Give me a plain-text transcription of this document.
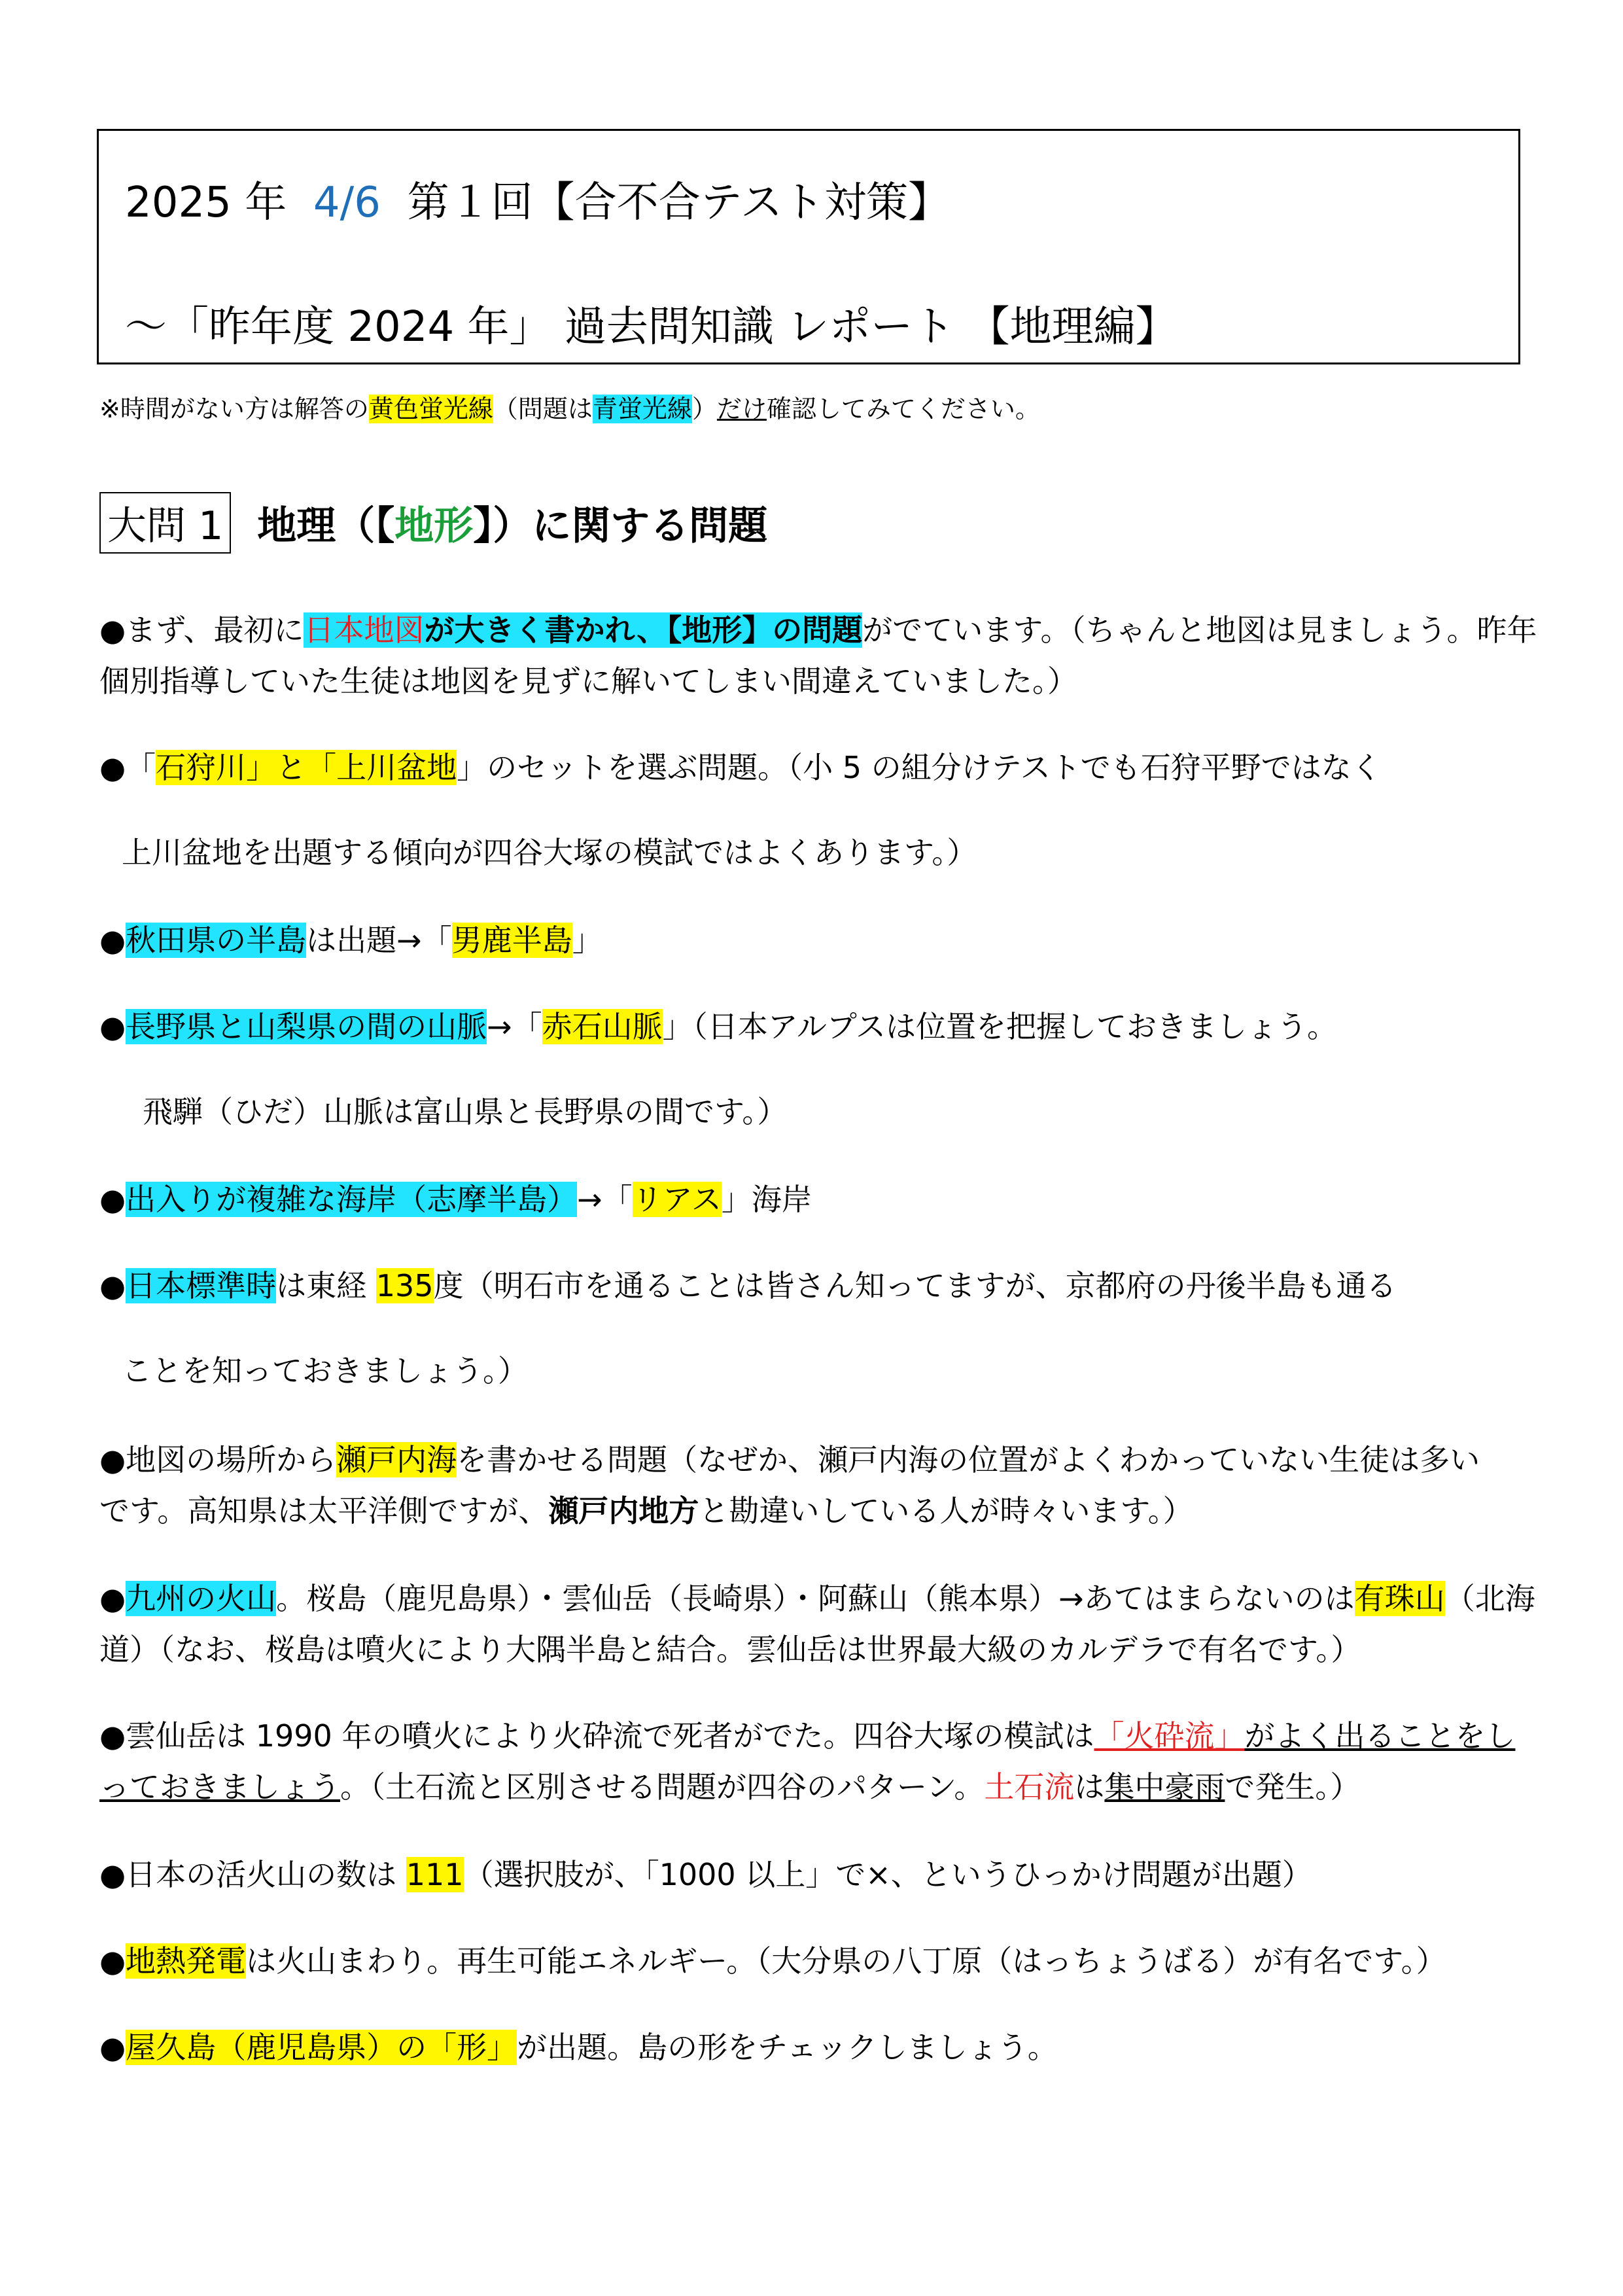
2025 年 4/6 第１回【合不合テスト対策】
～「昨年度 2024 年」 過去問知識 レポート 【地理編】
※時間がない方は解答の黄色蛍光線（問題は青蛍光線）だけ確認してみてください。
大問 1 地理（【地形】）に関する問題
●まず、最初に日本地図が大きく書かれ、【地形】の問題がでています。（ちゃんと地図は見ましょう。昨年
個別指導していた生徒は地図を見ずに解いてしまい間違えていました。）
●「石狩川」と「上川盆地」のセットを選ぶ問題。（小 5 の組分けテストでも石狩平野ではなく
上川盆地を出題する傾向が四谷大塚の模試ではよくあります。）
●秋田県の半島は出題→「男鹿半島」
●長野県と山梨県の間の山脈→「赤石山脈」（日本アルプスは位置を把握しておきましょう。
飛騨（ひだ）山脈は富山県と長野県の間です。）
●出入りが複雑な海岸（志摩半島）→「リアス」海岸
●日本標準時は東経 135度（明石市を通ることは皆さん知ってますが、京都府の丹後半島も通る
ことを知っておきましょう。）
●地図の場所から瀬戸内海を書かせる問題（なぜか、瀬戸内海の位置がよくわかっていない生徒は多い
です。高知県は太平洋側ですが、瀬戸内地方と勘違いしている人が時々います。）
●九州の火山。桜島（鹿児島県）・雲仙岳（長崎県）・阿蘇山（熊本県）→あてはまらないのは有珠山（北海
道）（なお、桜島は噴火により大隅半島と結合。雲仙岳は世界最大級のカルデラで有名です。）
●雲仙岳は 1990 年の噴火により火砕流で死者がでた。四谷大塚の模試は「火砕流」がよく出ることをし
っておきましょう。（土石流と区別させる問題が四谷のパターン。土石流は集中豪雨で発生。）
●日本の活火山の数は 111（選択肢が、「1000 以上」で×、というひっかけ問題が出題）
●地熱発電は火山まわり。再生可能エネルギー。（大分県の八丁原（はっちょうばる）が有名です。）
●屋久島（鹿児島県）の「形」が出題。島の形をチェックしましょう。
